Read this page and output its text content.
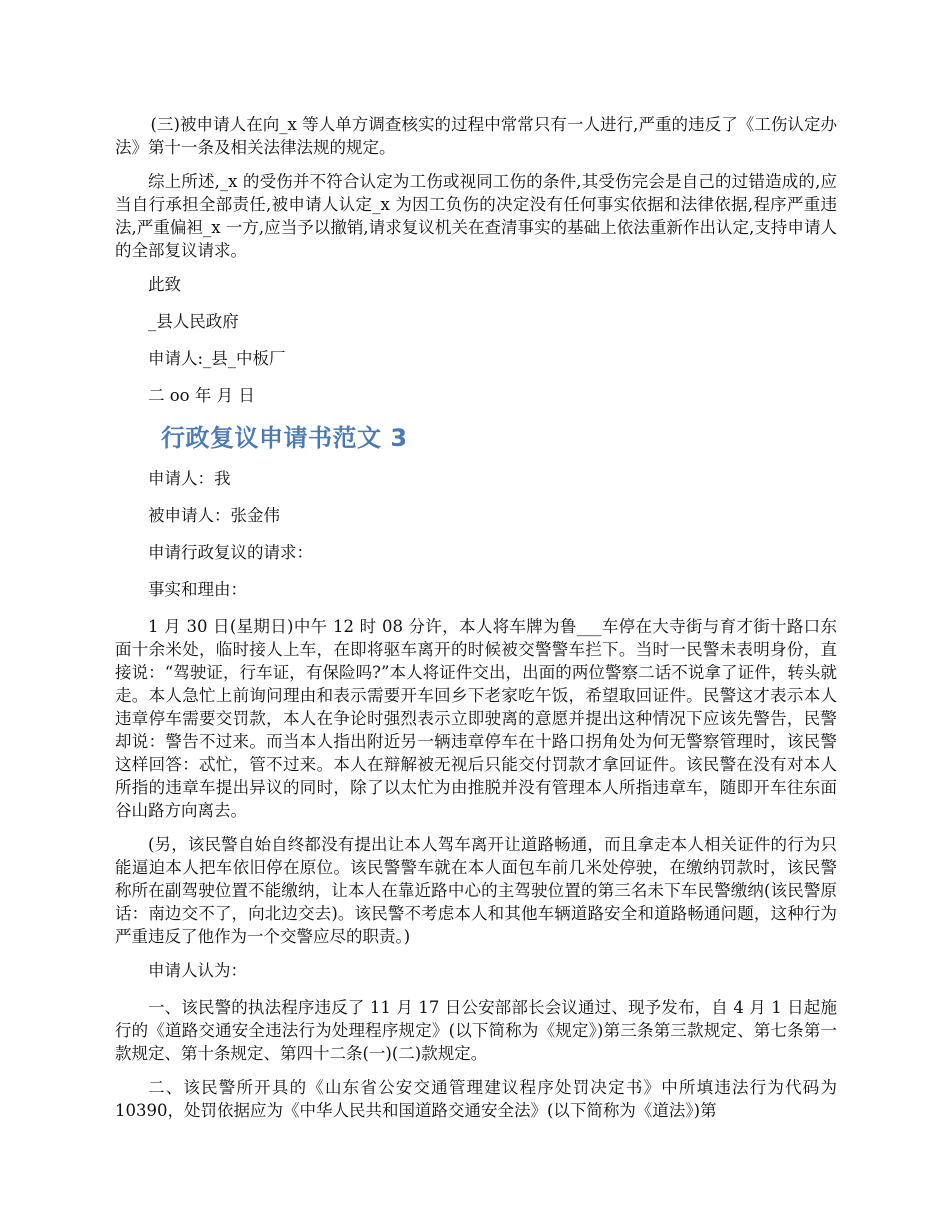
(三)被申请人在向_x 等人单方调查核实的过程中常常只有一人进行,严重的违反了《工伤认定办法》第十一条及相关法律法规的规定。

综上所述,_x 的受伤并不符合认定为工伤或视同工伤的条件,其受伤完会是自己的过错造成的,应当自行承担全部责任,被申请人认定_x 为因工负伤的决定没有任何事实依据和法律依据,程序严重违法,严重偏袒_x 一方,应当予以撤销,请求复议机关在查清事实的基础上依法重新作出认定,支持申请人的全部复议请求。

此致

_县人民政府

申请人:_县_中板厂

二 oo 年 月 日

行政复议申请书范文 3

申请人：我

被申请人：张金伟

申请行政复议的请求：

事实和理由：

1 月 30 日(星期日)中午 12 时 08 分许，本人将车牌为鲁___车停在大寺街与育才街十路口东面十余米处，临时接人上车，在即将驱车离开的时候被交警警车拦下。当时一民警未表明身份，直接说：“驾驶证，行车证，有保险吗?”本人将证件交出，出面的两位警察二话不说拿了证件，转头就走。本人急忙上前询问理由和表示需要开车回乡下老家吃午饭，希望取回证件。民警这才表示本人违章停车需要交罚款，本人在争论时强烈表示立即驶离的意愿并提出这种情况下应该先警告，民警却说：警告不过来。而当本人指出附近另一辆违章停车在十路口拐角处为何无警察管理时，该民警这样回答：忒忙，管不过来。本人在辩解被无视后只能交付罚款才拿回证件。该民警在没有对本人所指的违章车提出异议的同时，除了以太忙为由推脱并没有管理本人所指违章车，随即开车往东面谷山路方向离去。

(另，该民警自始自终都没有提出让本人驾车离开让道路畅通，而且拿走本人相关证件的行为只能逼迫本人把车依旧停在原位。该民警警车就在本人面包车前几米处停驶，在缴纳罚款时，该民警称所在副驾驶位置不能缴纳，让本人在靠近路中心的主驾驶位置的第三名未下车民警缴纳(该民警原话：南边交不了，向北边交去)。该民警不考虑本人和其他车辆道路安全和道路畅通问题，这种行为严重违反了他作为一个交警应尽的职责。)

申请人认为：

一、该民警的执法程序违反了 11 月 17 日公安部部长会议通过、现予发布，自 4 月 1 日起施行的《道路交通安全违法行为处理程序规定》(以下简称为《规定》)第三条第三款规定、第七条第一款规定、第十条规定、第四十二条(一)(二)款规定。

二、该民警所开具的《山东省公安交通管理建议程序处罚决定书》中所填违法行为代码为 10390，处罚依据应为《中华人民共和国道路交通安全法》(以下简称为《道法》)第
